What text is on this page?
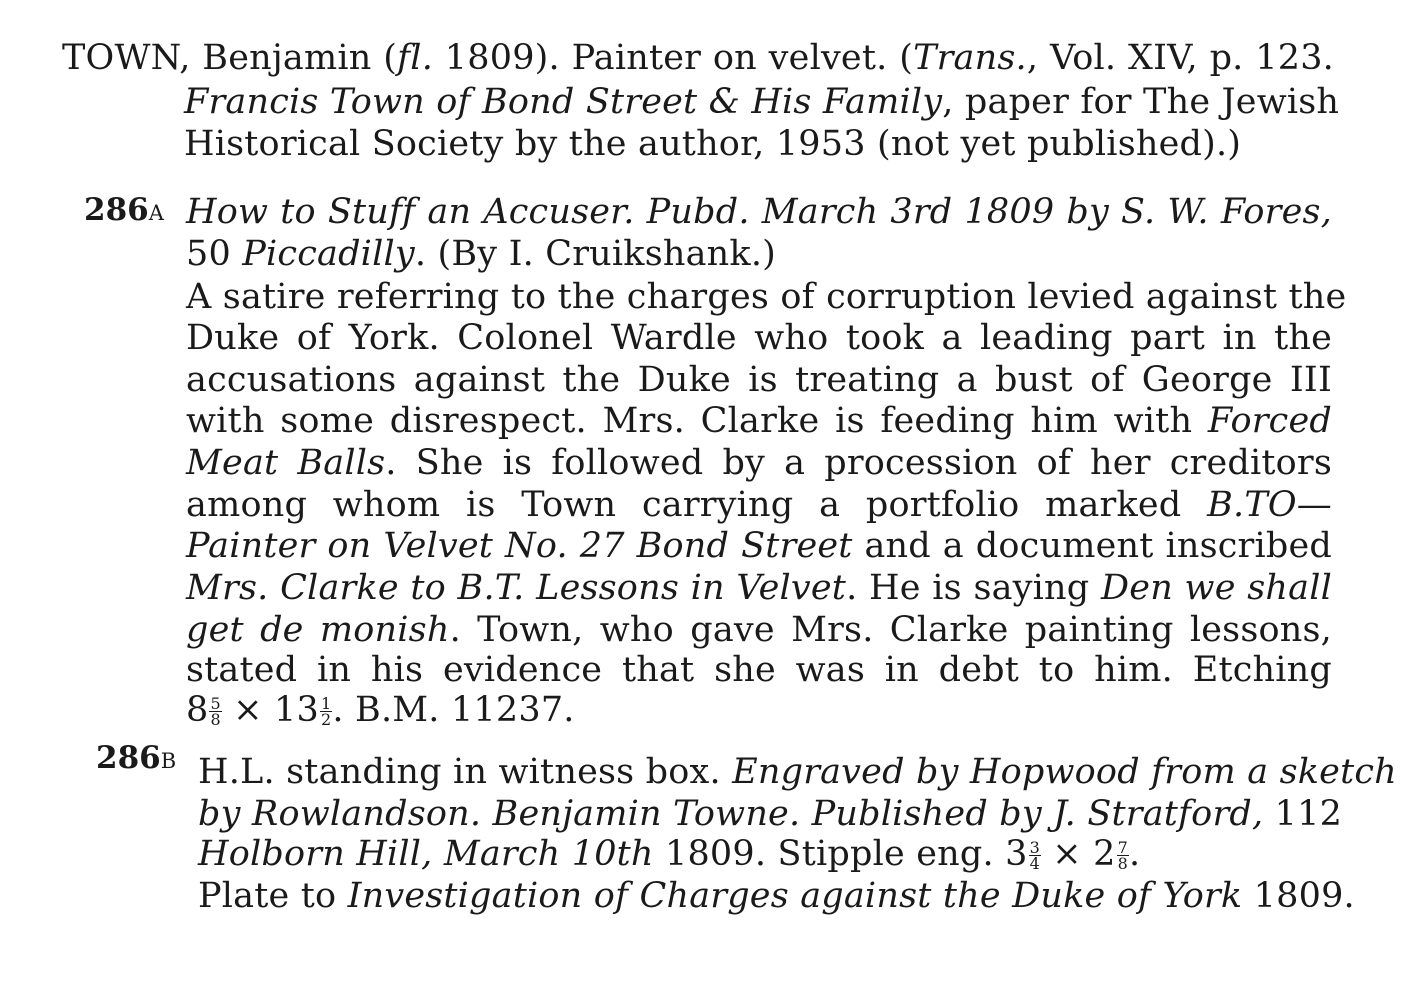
TOWN, Benjamin (fl. 1809). Painter on velvet. (Trans., Vol. XIV, p. 123.
Francis Town of Bond Street & His Family, paper for The Jewish
Historical Society by the author, 1953 (not yet published).)
286A How to Stuff an Accuser. Pubd. March 3rd 1809 by S. W. Fores,
50 Piccadilly. (By I. Cruikshank.)
A satire referring to the charges of corruption levied against the
Duke of York. Colonel Wardle who took a leading part in the
accusations against the Duke is treating a bust of George III
with some disrespect. Mrs. Clarke is feeding him with Forced
Meat Balls. She is followed by a procession of her creditors
among whom is Town carrying a portfolio marked B.TO—
Painter on Velvet No. 27 Bond Street and a document inscribed
Mrs. Clarke to B.T. Lessons in Velvet. He is saying Den we shall
get de monish. Town, who gave Mrs. Clarke painting lessons,
stated in his evidence that she was in debt to him. Etching
$8 \frac{5}{8} \times 13 \frac{1}{2}$ . B.M. 11237.
286B H.L. standing in witness box. Engraved by Hopwood from a sketch
by Rowlandson. Benjamin Towne. Published by J. Stratford, 112
Holborn Hill, March 10th 1809. Stipple eng. $3 \frac{3}{4} \times 2 \frac{7}{8}$ .
Plate to Investigation of Charges against the Duke of York 1809.
